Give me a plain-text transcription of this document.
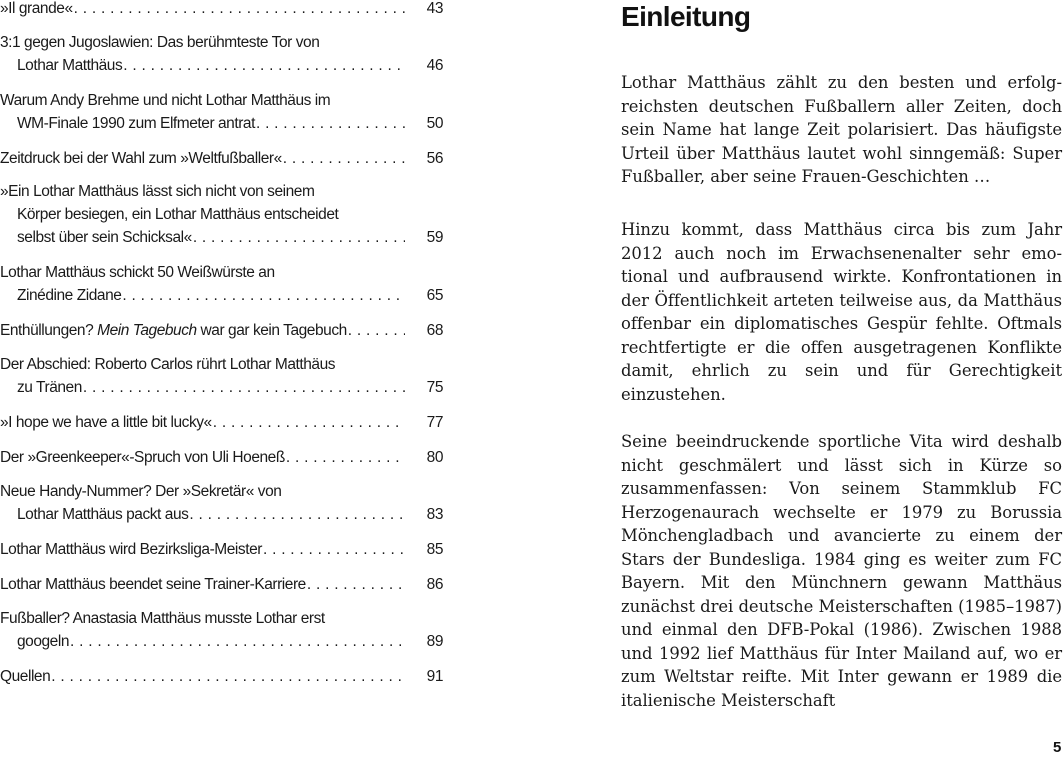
»Il grande« . . .	43
3:1 gegen Jugoslawien: Das berühmteste Tor von
Lothar Matthäus . . .	46
Warum Andy Brehme und nicht Lothar Matthäus im
WM-Finale 1990 zum Elfmeter antrat . . .	50
Zeitdruck bei der Wahl zum »Weltfußballer« . . .	56
»Ein Lothar Matthäus lässt sich nicht von seinem
Körper besiegen, ein Lothar Matthäus entscheidet
selbst über sein Schicksal« . . .	59
Lothar Matthäus schickt 50 Weißwürste an
Zinédine Zidane . . .	65
Enthüllungen? Mein Tagebuch war gar kein Tagebuch . . .	68
Der Abschied: Roberto Carlos rührt Lothar Matthäus
zu Tränen . . .	75
»I hope we have a little bit lucky« . . .	77
Der »Greenkeeper«-Spruch von Uli Hoeneß . . .	80
Neue Handy-Nummer? Der »Sekretär« von
Lothar Matthäus packt aus . . .	83
Lothar Matthäus wird Bezirksliga-Meister . . .	85
Lothar Matthäus beendet seine Trainer-Karriere . . .	86
Fußballer? Anastasia Matthäus musste Lothar erst
googeln . . .	89
Quellen . . .	91
Einleitung

Lothar Matthäus zählt zu den besten und erfolgreichsten deutschen Fußballern aller Zeiten, doch sein Name hat lange Zeit polarisiert. Das häufigste Urteil über Matthäus lautet wohl sinngemäß: Super Fußballer, aber seine Frauen-Geschichten …

Hinzu kommt, dass Matthäus circa bis zum Jahr 2012 auch noch im Erwachsenenalter sehr emotional und aufbrausend wirkte. Konfrontationen in der Öffentlichkeit arteten teilweise aus, da Matthäus offenbar ein diplomatisches Gespür fehlte. Oftmals rechtfertigte er die offen ausgetragenen Konflikte damit, ehrlich zu sein und für Gerechtigkeit einzustehen.

Seine beeindruckende sportliche Vita wird deshalb nicht geschmälert und lässt sich in Kürze so zusammenfassen: Von seinem Stammklub FC Herzogenaurach wechselte er 1979 zu Borussia Mönchengladbach und avancierte zu einem der Stars der Bundesliga. 1984 ging es weiter zum FC Bayern. Mit den Münchnern gewann Matthäus zunächst drei deutsche Meisterschaften (1985–1987) und einmal den DFB-Pokal (1986). Zwischen 1988 und 1992 lief Matthäus für Inter Mailand auf, wo er zum Weltstar reifte. Mit Inter gewann er 1989 die italienische Meisterschaft

5
